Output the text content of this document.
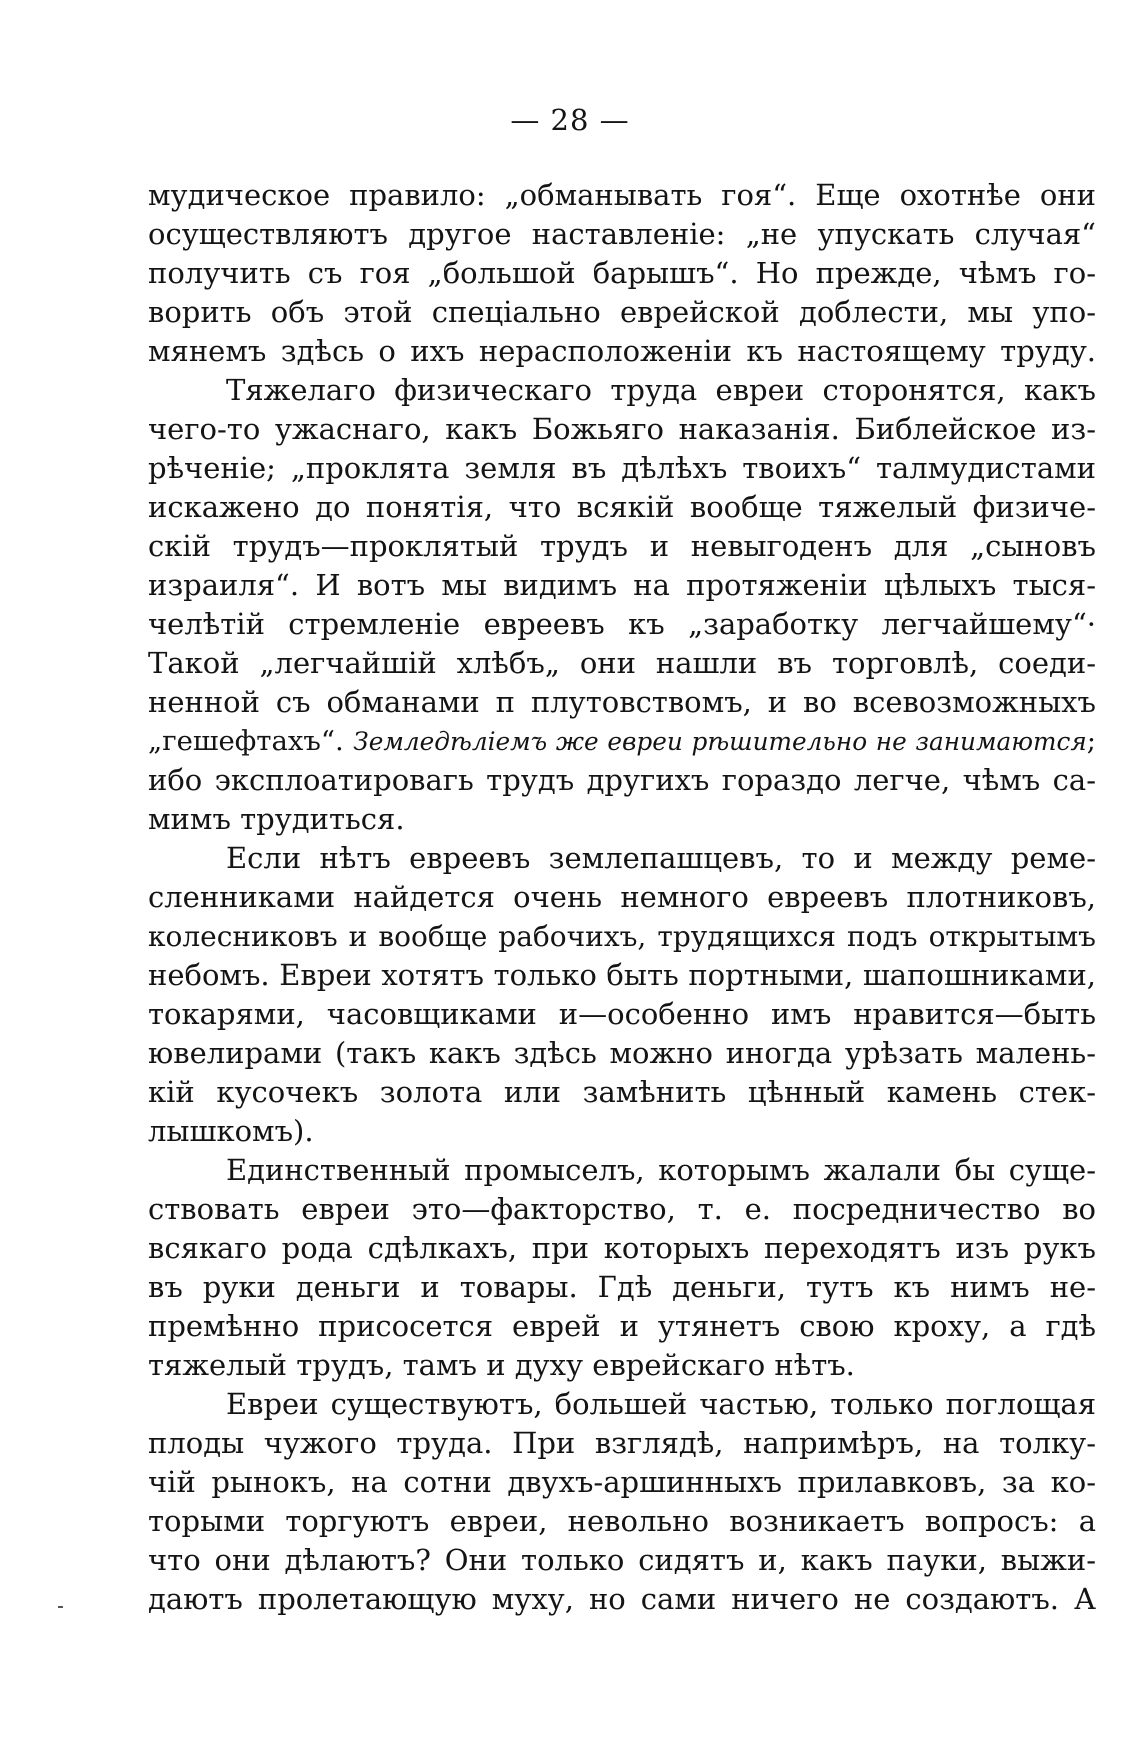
— 28 —
мудическое правило: „обманывать гоя“. Еще охотнѣе они
осуществляютъ другое наставленіе: „не упускать случая“
получить съ гоя „большой барышъ“. Но прежде, чѣмъ го-
ворить объ этой спеціально еврейской доблести, мы упо-
мянемъ здѣсь о ихъ нерасположеніи къ настоящему труду.
Тяжелаго физическаго труда евреи сторонятся, какъ
чего-то ужаснаго, какъ Божьяго наказанія. Библейское из-
рѣченіе; „проклята земля въ дѣлѣхъ твоихъ“ талмудистами
искажено до понятія, что всякій вообще тяжелый физиче-
скій трудъ—проклятый трудъ и невыгоденъ для „сыновъ
израиля“. И вотъ мы видимъ на протяженіи цѣлыхъ тыся-
челѣтій стремленіе евреевъ къ „заработку легчайшему“·
Такой „легчайшій хлѣбъ„ они нашли въ торговлѣ, соеди-
ненной съ обманами п плутовствомъ, и во всевозможныхъ
„гешефтахъ“. Земледѣліемъ же евреи рѣшительно не занимаются;
ибо эксплоатировагь трудъ другихъ гораздо легче, чѣмъ са-
мимъ трудиться.
Если нѣтъ евреевъ землепашцевъ, то и между реме-
сленниками найдется очень немного евреевъ плотниковъ,
колесниковъ и вообще рабочихъ, трудящихся подъ открытымъ
небомъ. Евреи хотятъ только быть портными, шапошниками,
токарями, часовщиками и—особенно имъ нравится—быть
ювелирами (такъ какъ здѣсь можно иногда урѣзать малень-
кій кусочекъ золота или замѣнить цѣнный камень стек-
лышкомъ).
Единственный промыселъ, которымъ жалали бы суще-
ствовать евреи это—факторство, т. е. посредничество во
всякаго рода сдѣлкахъ, при которыхъ переходятъ изъ рукъ
въ руки деньги и товары. Гдѣ деньги, тутъ къ нимъ не-
премѣнно присосется еврей и утянетъ свою кроху, а гдѣ
тяжелый трудъ, тамъ и духу еврейскаго нѣтъ.
Евреи существуютъ, большей частью, только поглощая
плоды чужого труда. При взглядѣ, напримѣръ, на толку-
чій рынокъ, на сотни двухъ-аршинныхъ прилавковъ, за ко-
торыми торгуютъ евреи, невольно возникаетъ вопросъ: а
что они дѣлаютъ? Они только сидятъ и, какъ пауки, выжи-
даютъ пролетающую муху, но сами ничего не создаютъ. А
